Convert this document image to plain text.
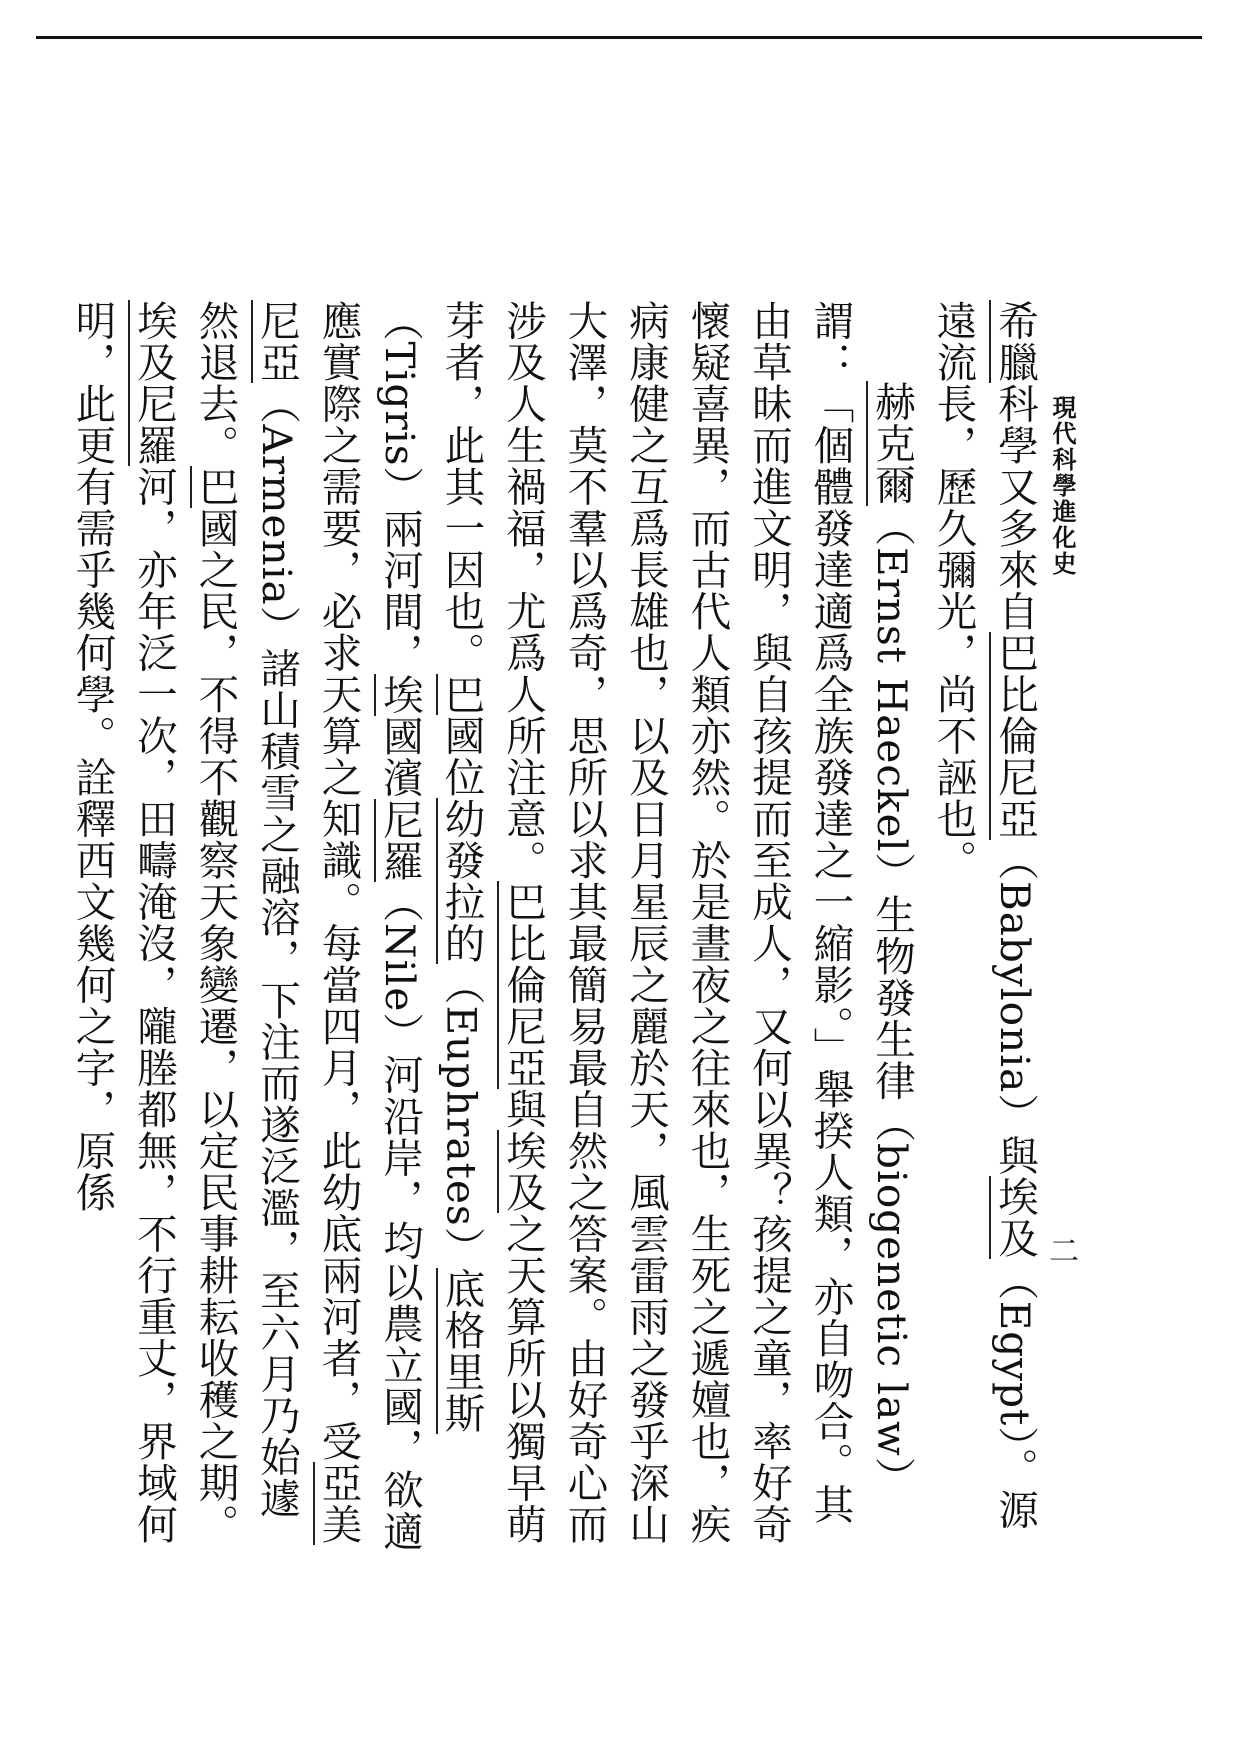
現代科學進化史
二

希臘科學又多來自巴比倫尼亞（Babylonia）與埃及（Egypt）。源遠流長，歷久彌光，尚不誣也。

赫克爾（Ernst Haeckel）生物發生律（biogenetic law）謂：「個體發達適爲全族發達之一縮影。」舉揆人類，亦自吻合。其由草昧而進文明，與自孩提而至成人，又何以異？孩提之童，率好奇懷疑喜異，而古代人類亦然。於是晝夜之往來也，生死之遞嬗也，疾病康健之互爲長雄也，以及日月星辰之麗於天，風雲雷雨之發乎深山大澤，莫不羣以爲奇，思所以求其最簡易最自然之答案。由好奇心而涉及人生禍福，尤爲人所注意。巴比倫尼亞與埃及之天算所以獨早萌芽者，此其一因也。巴國位幼發拉的（Euphrates）底格里斯（Tigris）兩河間，埃國濱尼羅（Nile）河沿岸，均以農立國，欲適應實際之需要，必求天算之知識。每當四月，此幼底兩河者，受亞美尼亞（Armenia）諸山積雪之融溶，下注而遂泛濫，至六月乃始遽然退去。巴國之民，不得不觀察天象變遷，以定民事耕耘收穫之期。埃及尼羅河，亦年泛一次，田疇淹沒，隴塍都無，不行重丈，界域何明，此更有需乎幾何學。詮釋西文幾何之字，原係
